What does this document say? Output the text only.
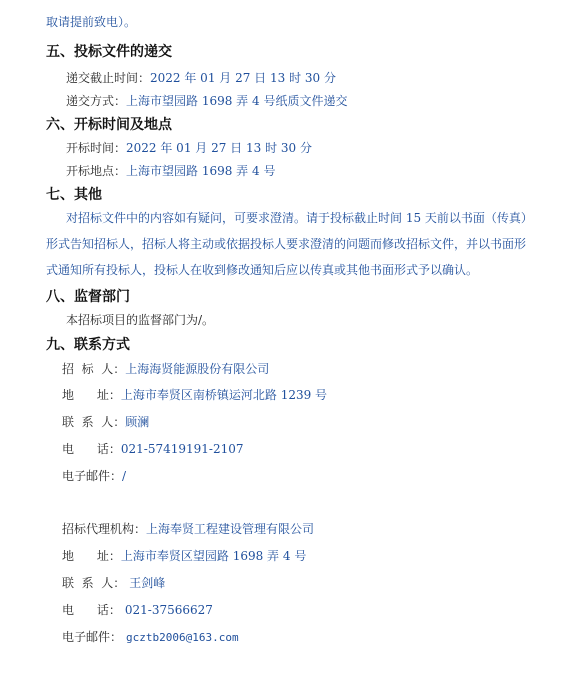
取请提前致电）。
五、投标文件的递交
递交截止时间：2022 年 01 月 27 日 13 时 30 分
递交方式：上海市望园路 1698 弄 4 号纸质文件递交
六、开标时间及地点
开标时间：2022 年 01 月 27 日 13 时 30 分
开标地点：上海市望园路 1698 弄 4 号
七、其他
对招标文件中的内容如有疑问，可要求澄清。请于投标截止时间 15 天前以书面（传真）
形式告知招标人，招标人将主动或依据投标人要求澄清的问题而修改招标文件，并以书面形
式通知所有投标人，投标人在收到修改通知后应以传真或其他书面形式予以确认。
八、监督部门
本招标项目的监督部门为/。
九、联系方式
招  标  人：上海海贤能源股份有限公司
地      址：上海市奉贤区南桥镇运河北路 1239 号
联  系  人：顾澜
电      话：021-57419191-2107
电子邮件：/
招标代理机构：上海奉贤工程建设管理有限公司
地      址：上海市奉贤区望园路 1698 弄 4 号
联  系  人： 王剑峰
电      话： 021-37566627
电子邮件： gcztb2006@163.com
